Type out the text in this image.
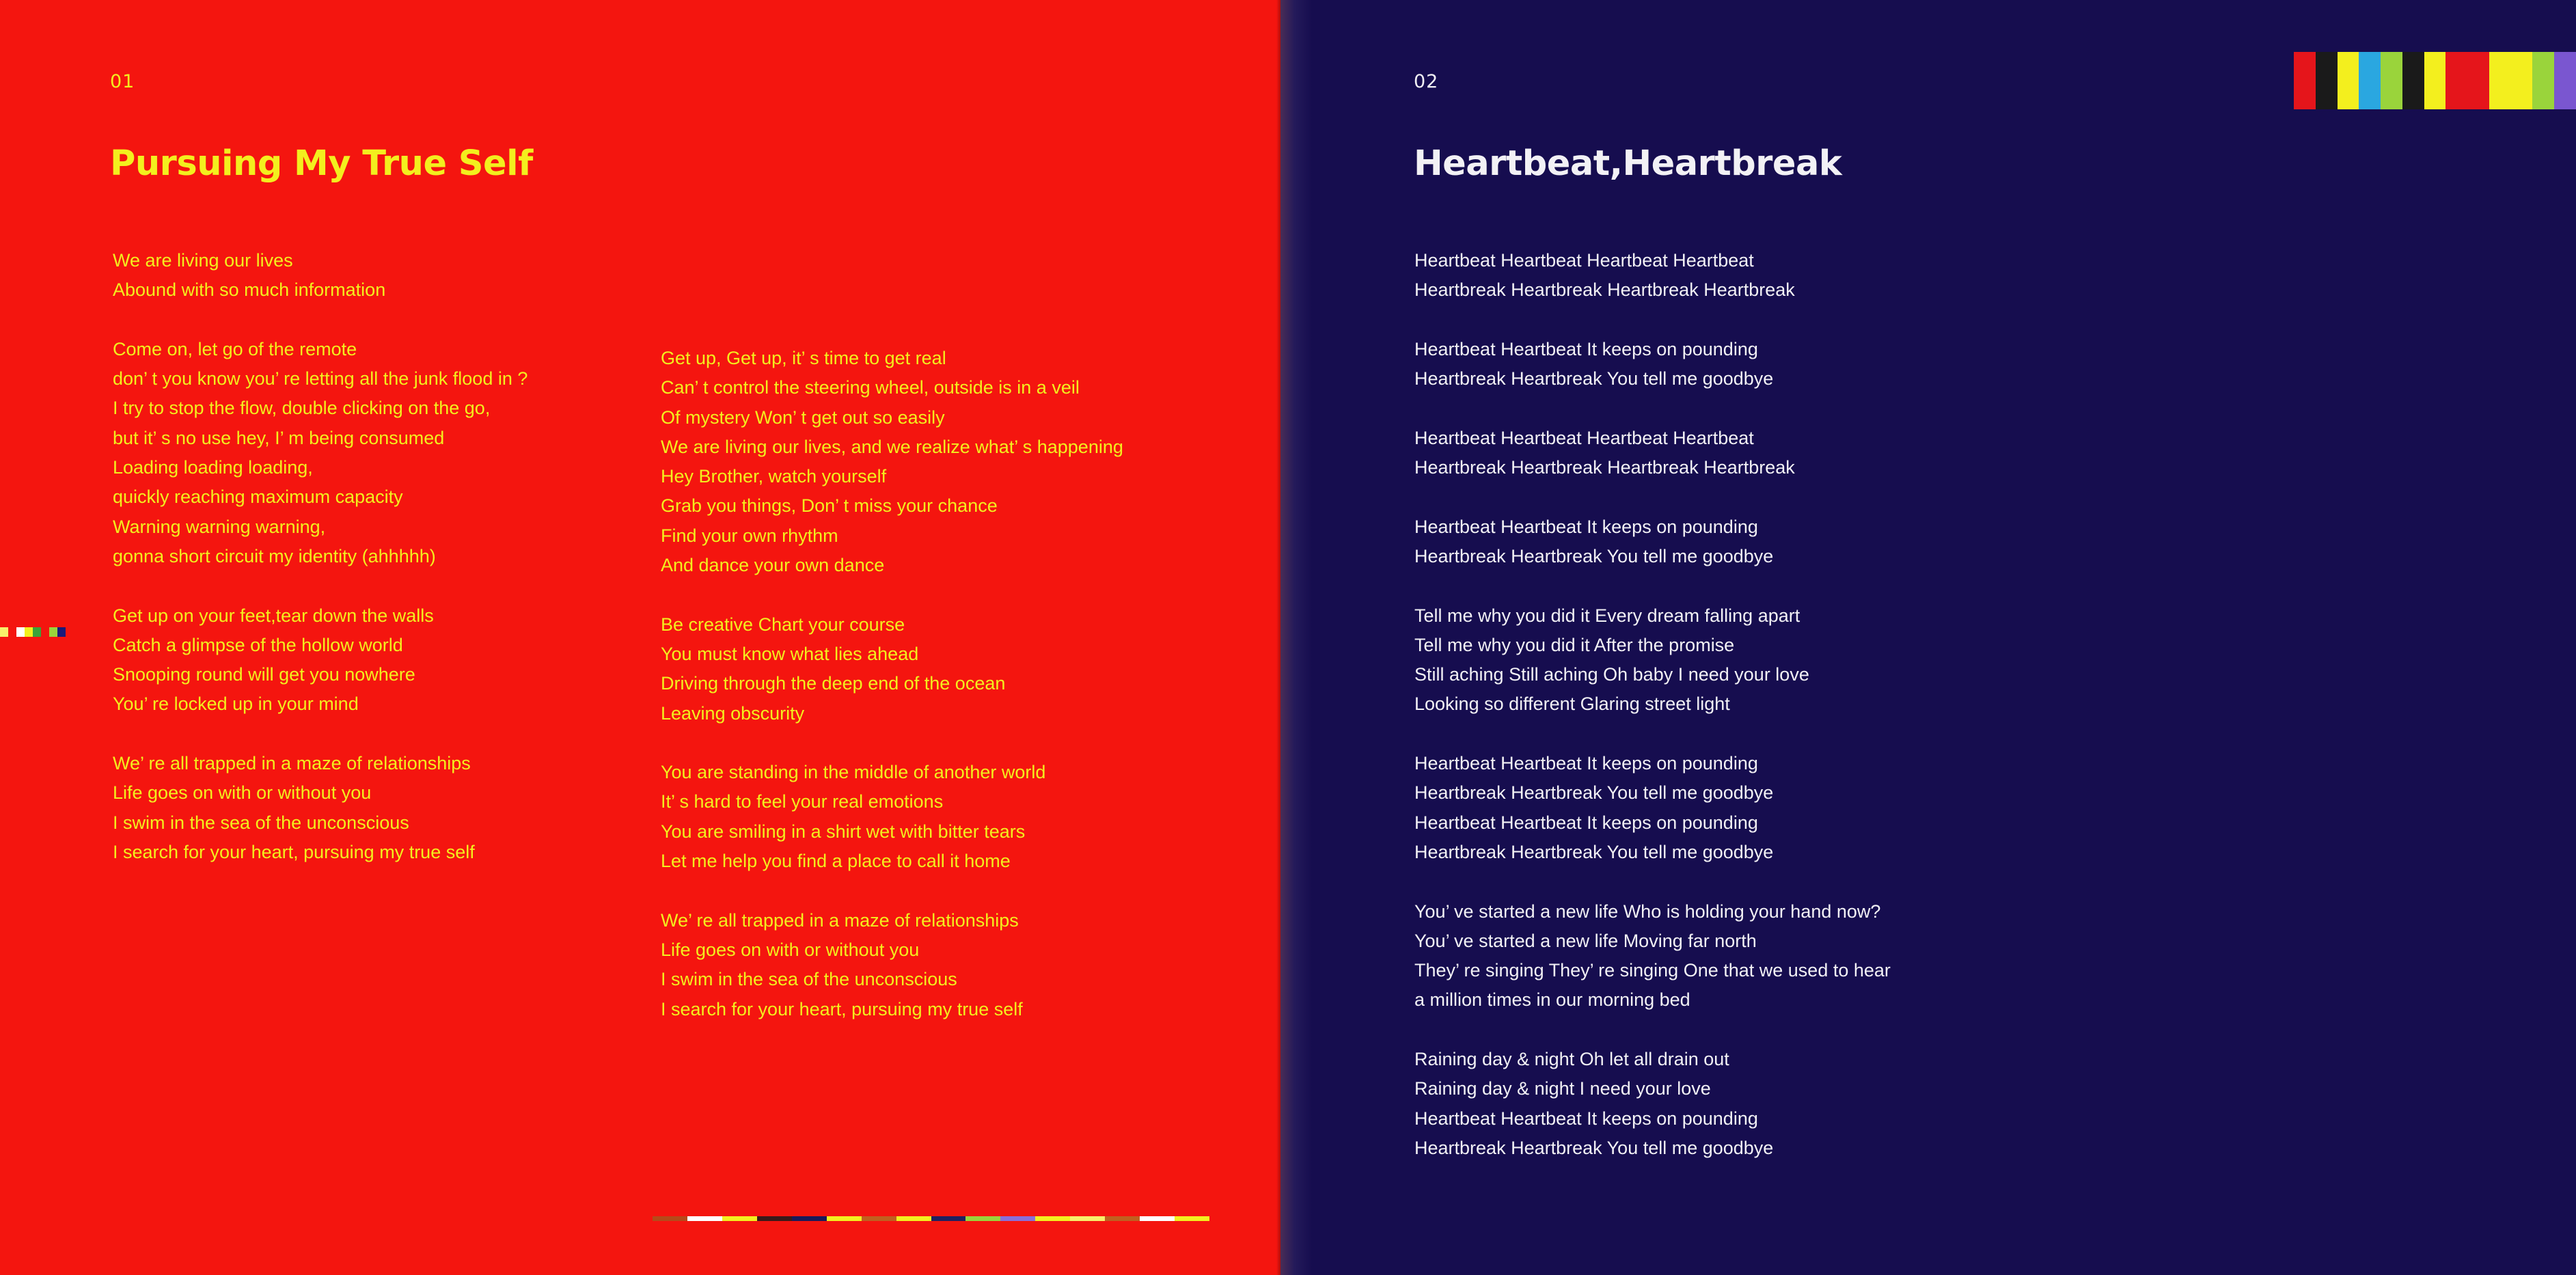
01
Pursuing My True Self
We are living our lives
Abound with so much information
Come on, let go of the remote
don’ t you know you’ re letting all the junk flood in ?
I try to stop the flow, double clicking on the go,
but it’ s no use hey, I’ m being consumed
Loading loading loading,
quickly reaching maximum capacity
Warning warning warning,
gonna short circuit my identity (ahhhhh)
Get up on your feet,tear down the walls
Catch a glimpse of the hollow world
Snooping round will get you nowhere
You’ re locked up in your mind
We’ re all trapped in a maze of relationships
Life goes on with or without you
I swim in the sea of the unconscious
I search for your heart, pursuing my true self
Get up, Get up, it’ s time to get real
Can’ t control the steering wheel, outside is in a veil
Of mystery Won’ t get out so easily
We are living our lives, and we realize what’ s happening
Hey Brother, watch yourself
Grab you things, Don’ t miss your chance
Find your own rhythm
And dance your own dance
Be creative Chart your course
You must know what lies ahead
Driving through the deep end of the ocean
Leaving obscurity
You are standing in the middle of another world
It’ s hard to feel your real emotions
You are smiling in a shirt wet with bitter tears
Let me help you find a place to call it home
We’ re all trapped in a maze of relationships
Life goes on with or without you
I swim in the sea of the unconscious
I search for your heart, pursuing my true self
02
Heartbeat,Heartbreak
Heartbeat Heartbeat Heartbeat Heartbeat
Heartbreak Heartbreak Heartbreak Heartbreak
Heartbeat Heartbeat It keeps on pounding
Heartbreak Heartbreak You tell me goodbye
Heartbeat Heartbeat Heartbeat Heartbeat
Heartbreak Heartbreak Heartbreak Heartbreak
Heartbeat Heartbeat It keeps on pounding
Heartbreak Heartbreak You tell me goodbye
Tell me why you did it Every dream falling apart
Tell me why you did it After the promise
Still aching Still aching Oh baby I need your love
Looking so different Glaring street light
Heartbeat Heartbeat It keeps on pounding
Heartbreak Heartbreak You tell me goodbye
Heartbeat Heartbeat It keeps on pounding
Heartbreak Heartbreak You tell me goodbye
You’ ve started a new life Who is holding your hand now?
You’ ve started a new life Moving far north
They’ re singing They’ re singing One that we used to hear
a million times in our morning bed
Raining day & night Oh let all drain out
Raining day & night I need your love
Heartbeat Heartbeat It keeps on pounding
Heartbreak Heartbreak You tell me goodbye
